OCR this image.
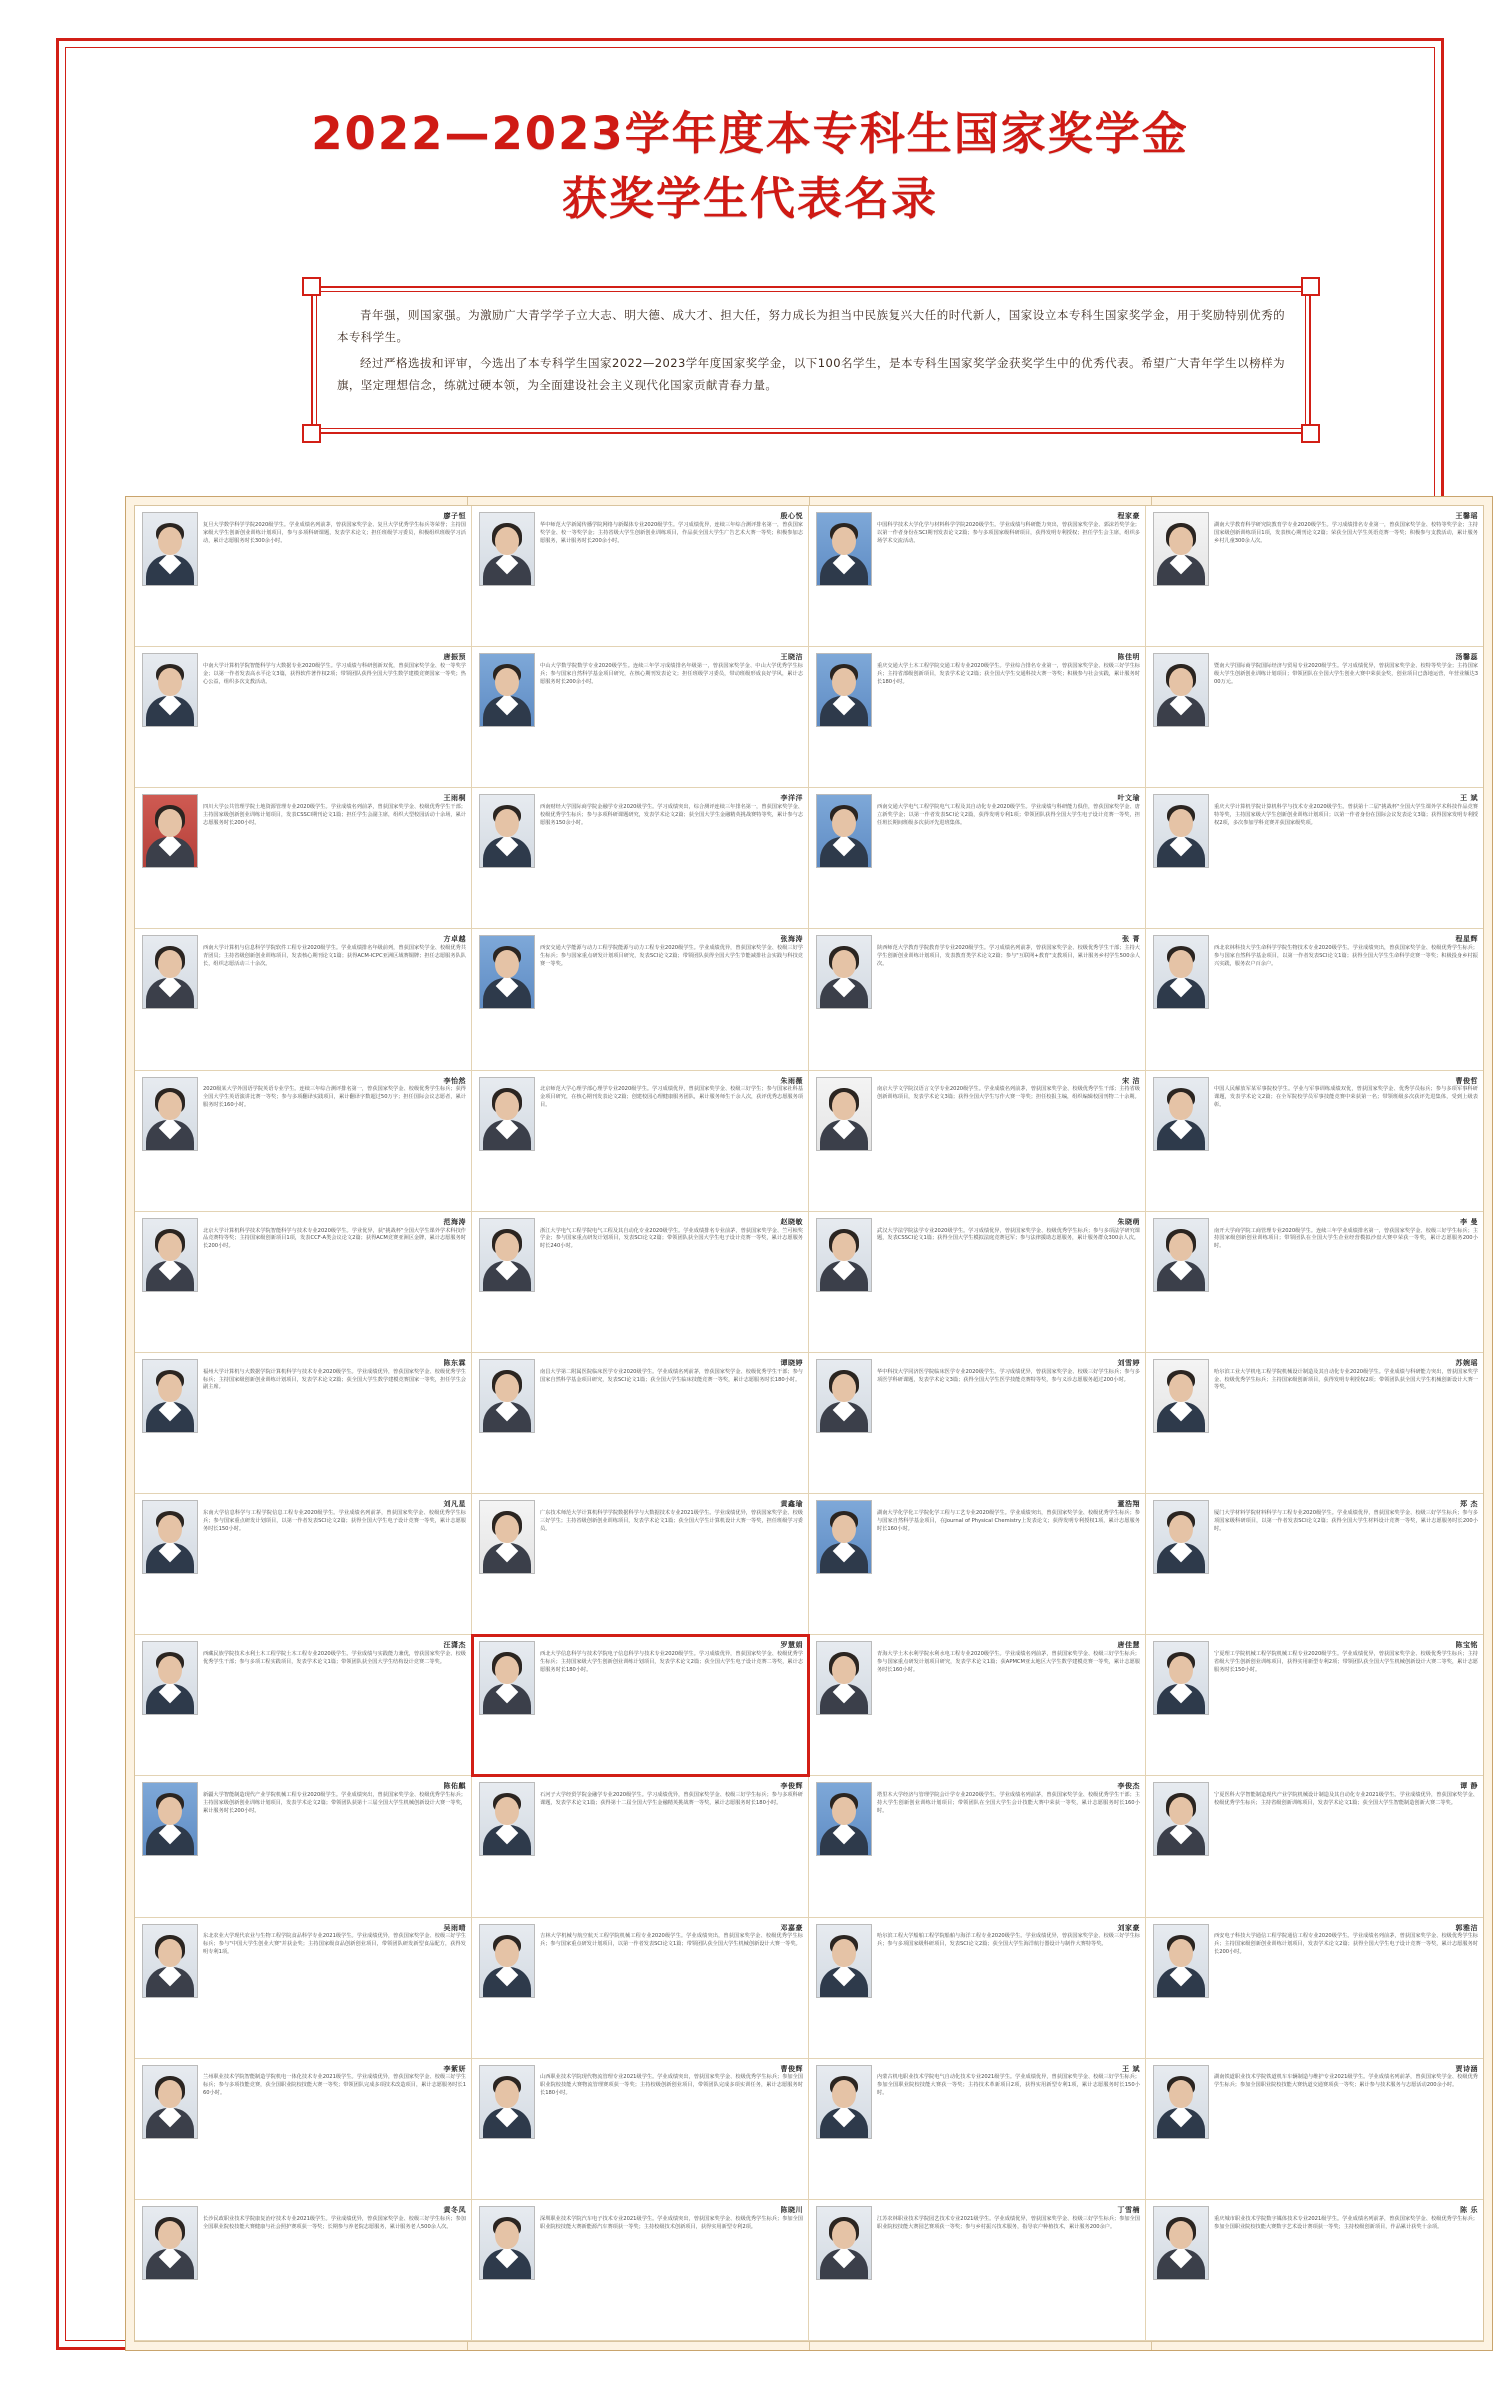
2022—2023学年度本专科生国家奖学金
获奖学生代表名录

青年强，则国家强。为激励广大青学学子立大志、明大德、成大才、担大任，努力成长为担当中民族复兴大任的时代新人，国家设立本专科生国家奖学金，用于奖励特别优秀的本专科学生。

经过严格选拔和评审，今选出了本专科学生国家2022—2023学年度国家奖学金，以下100名学生，是本专科生国家奖学金获奖学生中的优秀代表。希望广大青年学生以榜样为旗，坚定理想信念，练就过硬本领，为全面建设社会主义现代化国家贡献青春力量。

廖子恒
复旦大学数学科学学院2020级学生。学业成绩名列前茅，曾获国家奖学金、复旦大学优秀学生标兵等荣誉；主持国家级大学生创新创业训练计划项目，参与多项科研课题，发表学术论文；担任班级学习委员，积极组织班级学习活动，累计志愿服务时长300余小时。
殷心悦
华中师范大学新闻传播学院网络与新媒体专业2020级学生。学习成绩优异，连续三年综合测评排名第一，曾获国家奖学金、校一等奖学金；主持省级大学生创新创业训练项目，作品获全国大学生广告艺术大赛一等奖；积极参加志愿服务，累计服务时长200余小时。
程家豪
中国科学技术大学化学与材料科学学院2020级学生。学业成绩与科研能力突出，曾获国家奖学金、郭沫若奖学金；以第一作者身份在SCI期刊发表论文2篇；参与多项国家级科研项目，获得发明专利授权；担任学生会主席，组织多场学术交流活动。
王馨瑶
湖南大学教育科学研究院教育学专业2020级学生。学习成绩排名专业第一，曾获国家奖学金、校特等奖学金；主持国家级创新训练项目1项，发表核心期刊论文2篇；荣获全国大学生英语竞赛一等奖；积极参与支教活动，累计服务乡村儿童300余人次。
唐振预
中南大学计算机学院智能科学与大数据专业2020级学生。学习成绩与科研创新双优，曾获国家奖学金、校一等奖学金；以第一作者发表高水平论文3篇，获得软件著作权2项；带领团队获得全国大学生数学建模竞赛国家一等奖；热心公益，组织多次支教活动。
王晓洁
中山大学数学院数学专业2020级学生。连续三年学习成绩排名年级第一，曾获国家奖学金、中山大学优秀学生标兵；参与国家自然科学基金项目研究，在核心期刊发表论文；担任班级学习委员，带动班级形成良好学风，累计志愿服务时长200余小时。
陈佳明
重庆交通大学土木工程学院交通工程专业2020级学生。学业综合排名专业第一，曾获国家奖学金、校级三好学生标兵；主持省部级创新项目，发表学术论文2篇；获全国大学生交通科技大赛一等奖；积极参与社会实践，累计服务时长180小时。
汤馨蕊
暨南大学国际商学院国际经济与贸易专业2020级学生。学习成绩优异，曾获国家奖学金、校特等奖学金；主持国家级大学生创新创业训练计划项目；带领团队在全国大学生创业大赛中荣获金奖，创业项目已落地运营，年营业额达300万元。
王雨桐
四川大学公共管理学院土地资源管理专业2020级学生。学业成绩名列前茅，曾获国家奖学金、校级优秀学生干部；主持国家级创新创业训练计划项目，发表CSSCI期刊论文1篇；担任学生会副主席，组织大型校园活动十余场，累计志愿服务时长200小时。
李洋洋
西南财经大学国际商学院金融学专业2020级学生。学习成绩突出，综合测评连续三年排名第一，曾获国家奖学金、校级优秀学生标兵；参与多项科研课题研究，发表学术论文2篇；获全国大学生金融精英挑战赛特等奖，累计参与志愿服务150余小时。
叶文瑜
西南交通大学电气工程学院电气工程及其自动化专业2020级学生。学业成绩与科研能力俱佳，曾获国家奖学金、唐立新奖学金；以第一作者发表SCI论文2篇，获得发明专利1项；带领团队获得全国大学生电子设计竞赛一等奖，担任班长期间班级多次获评先进班集体。
王 斌
重庆大学计算机学院计算机科学与技术专业2020级学生。曾获第十二届"挑战杯"全国大学生课外学术科技作品竞赛特等奖，主持国家级大学生创新创业训练计划项目；以第一作者身份在国际会议发表论文3篇；获得国家发明专利授权2项，多次参加学科竞赛并获国家级奖项。
方卓越
西南大学计算机与信息科学学院软件工程专业2020级学生。学业成绩排名年级前列，曾获国家奖学金、校级优秀共青团员；主持省级创新创业训练项目，发表核心期刊论文1篇；获得ACM-ICPC亚洲区域赛铜牌；担任志愿服务队队长，组织志愿活动三十余次。
张海涛
西安交通大学能源与动力工程学院能源与动力工程专业2020级学生。学业成绩优异，曾获国家奖学金、校级三好学生标兵；参与国家重点研发计划项目研究，发表SCI论文2篇；带领团队获得全国大学生节能减排社会实践与科技竞赛一等奖。
张 菁
陕西师范大学教育学院教育学专业2020级学生。学习成绩名列前茅，曾获国家奖学金、校级优秀学生干部；主持大学生创新创业训练计划项目，发表教育类学术论文2篇；参与"互联网+教育"支教项目，累计服务乡村学生500余人次。
程星辉
西北农林科技大学生命科学学院生物技术专业2020级学生。学业成绩突出，曾获国家奖学金、校级优秀学生标兵；参与国家自然科学基金项目，以第一作者发表SCI论文1篇；获得全国大学生生命科学竞赛一等奖；积极投身乡村振兴实践，服务农户百余户。
李怡然
2020级某大学外国语学院英语专业学生。连续三年综合测评排名第一，曾获国家奖学金、校级优秀学生标兵；获得全国大学生英语演讲比赛一等奖；参与多项翻译实践项目，累计翻译字数超过50万字；担任国际会议志愿者，累计服务时长160小时。
朱雨薇
北京师范大学心理学部心理学专业2020级学生。学习成绩优异，曾获国家奖学金、校级三好学生；参与国家社科基金项目研究，在核心期刊发表论文2篇；创建校园心理健康服务团队，累计服务师生千余人次，获评优秀志愿服务项目。
宋 洁
南京大学文学院汉语言文学专业2020级学生。学业成绩名列前茅，曾获国家奖学金、校级优秀学生干部；主持省级创新训练项目，发表学术论文3篇；获得全国大学生写作大赛一等奖；担任校报主编，组织编辑校园刊物二十余期。
曹俊哲
中国人民解放军某军事院校学生。学业与军事训练成绩双优，曾获国家奖学金、优秀学员标兵；参与多项军事科研课题，发表学术论文2篇；在全军院校学员军事技能竞赛中荣获第一名；带领班级多次获评先进集体，受到上级表彰。
范海涛
北京大学计算机科学技术学院智能科学与技术专业2020级学生。学业优异，获"挑战杯"全国大学生课外学术科技作品竞赛特等奖；主持国家级创新项目1项，发表CCF-A类会议论文2篇；获得ACM竞赛亚洲区金牌，累计志愿服务时长200小时。
赵晓敏
浙江大学电气工程学院电气工程及其自动化专业2020级学生。学业成绩排名专业前茅，曾获国家奖学金、竺可桢奖学金；参与国家重点研发计划项目，发表SCI论文2篇；带领团队获全国大学生电子设计竞赛一等奖，累计志愿服务时长240小时。
朱晓萌
武汉大学法学院法学专业2020级学生。学习成绩优异，曾获国家奖学金、校级优秀学生标兵；参与多项法学研究课题，发表CSSCI论文1篇；获得全国大学生模拟法庭竞赛冠军；参与法律援助志愿服务，累计服务群众300余人次。
李 曼
南开大学商学院工商管理专业2020级学生。连续三年学业成绩排名第一，曾获国家奖学金、校级三好学生标兵；主持国家级创新创业训练项目；带领团队在全国大学生企业经营模拟沙盘大赛中荣获一等奖，累计志愿服务200小时。
陈东霖
福州大学计算机与大数据学院计算机科学与技术专业2020级学生。学业成绩优异，曾获国家奖学金、校级优秀学生标兵；主持国家级创新创业训练计划项目，发表学术论文2篇；获全国大学生数学建模竞赛国家一等奖，担任学生会副主席。
谭晓婷
南昌大学第二附属医院临床医学专业2020级学生。学业成绩名列前茅，曾获国家奖学金、校级优秀学生干部；参与国家自然科学基金项目研究，发表SCI论文1篇；获全国大学生临床技能竞赛一等奖，累计志愿服务时长180小时。
刘雪婷
华中科技大学同济医学院临床医学专业2020级学生。学习成绩优异，曾获国家奖学金、校级三好学生标兵；参与多项医学科研课题，发表学术论文3篇；获得全国大学生医学技能竞赛特等奖，参与义诊志愿服务超过200小时。
苏婉瑶
哈尔滨工业大学机电工程学院机械设计制造及其自动化专业2020级学生。学业成绩与科研能力突出，曾获国家奖学金、校级优秀学生标兵；主持国家级创新项目，获得发明专利授权2项；带领团队获全国大学生机械创新设计大赛一等奖。
刘凡星
东南大学信息科学与工程学院信息工程专业2020级学生。学业成绩名列前茅，曾获国家奖学金、校级优秀学生标兵；参与国家重点研发计划项目，以第一作者发表SCI论文2篇；获得全国大学生电子设计竞赛一等奖，累计志愿服务时长150小时。
黄鑫瑜
广东技术师范大学计算机科学学院数据科学与大数据技术专业2021级学生。学业成绩优异，曾获国家奖学金、校级三好学生；主持省级创新创业训练项目，发表学术论文1篇；获全国大学生计算机设计大赛一等奖，担任班级学习委员。
董浩翔
湖南大学化学化工学院化学工程与工艺专业2020级学生。学业成绩突出，曾获国家奖学金、校级优秀学生标兵；参与国家自然科学基金项目，在Journal of Physical Chemistry上发表论文；获得发明专利授权1项，累计志愿服务时长160小时。
郑 杰
厦门大学材料学院材料科学与工程专业2020级学生。学业成绩优异，曾获国家奖学金、校级三好学生标兵；参与多项国家级科研项目，以第一作者发表SCI论文2篇；获得全国大学生材料设计竞赛一等奖，累计志愿服务时长200小时。
汪潇杰
西藏民族学院技术水利土木工程学院土木工程专业2020级学生。学业成绩与实践能力兼优，曾获国家奖学金、校级优秀学生干部；参与多项工程实践项目，发表学术论文1篇；带领团队获全国大学生结构设计竞赛二等奖。
罗慧娟
西北大学信息科学与技术学院电子信息科学与技术专业2020级学生。学习成绩优异，曾获国家奖学金、校级优秀学生标兵；主持国家级大学生创新创业训练计划项目，发表学术论文2篇；获全国大学生电子设计竞赛二等奖，累计志愿服务时长180小时。
唐佳慧
青海大学土木水利学院水利水电工程专业2020级学生。学业成绩名列前茅，曾获国家奖学金、校级三好学生标兵；参与国家重点研发计划项目研究，发表学术论文1篇；获APMCM亚太地区大学生数学建模竞赛一等奖，累计志愿服务时长160小时。
陈宝铭
宁夏理工学院机械工程学院机械工程专业2020级学生。学业成绩优异，曾获国家奖学金、校级优秀学生标兵；主持省级大学生创新创业训练项目，获得实用新型专利2项；带领团队获全国大学生机械创新设计大赛二等奖，累计志愿服务时长150小时。
陈佑麒
新疆大学智能制造现代产业学院机械工程专业2020级学生。学业成绩突出，曾获国家奖学金、校级优秀学生标兵；主持国家级创新创业训练计划项目，发表学术论文2篇；带领团队获第十三届全国大学生机械创新设计大赛一等奖，累计服务时长200小时。
李俊辉
石河子大学经贸学院金融学专业2020级学生。学习成绩优异，曾获国家奖学金、校级三好学生标兵；参与多项科研课题，发表学术论文1篇；获得第十二届全国大学生金融精英挑战赛一等奖，累计志愿服务时长180小时。
李俊杰
塔里木大学经济与管理学院会计学专业2020级学生。学业成绩名列前茅，曾获国家奖学金、校级优秀学生干部；主持大学生创新创业训练计划项目；带领团队在全国大学生会计技能大赛中荣获一等奖，累计志愿服务时长160小时。
谭 静
宁夏医科大学智能制造现代产业学院机械设计制造及其自动化专业2021级学生。学业成绩优异，曾获国家奖学金、校级优秀学生标兵；主持省级创新训练项目，发表学术论文1篇；获全国大学生智能制造创新大赛二等奖。
吴雨晴
东北农业大学现代农业与生物工程学院食品科学专业2021级学生。学业成绩优异，曾获国家奖学金、校级三好学生标兵；参与"中国大学生创业大赛"并获金奖；主持国家级食品创新创业项目，带领团队研发新型食品配方，获得发明专利1项。
邓嘉豪
吉林大学机械与航空航天工程学院机械工程专业2020级学生。学业成绩突出，曾获国家奖学金、校级优秀学生标兵；参与国家重点研发计划项目，以第一作者发表SCI论文1篇；带领团队获全国大学生机械创新设计大赛一等奖。
刘家豪
哈尔滨工程大学船舶工程学院船舶与海洋工程专业2020级学生。学业成绩优异，曾获国家奖学金、校级三好学生标兵；参与多项国家级科研项目，发表SCI论文2篇；获全国大学生海洋航行器设计与制作大赛特等奖。
郭雅洁
西安电子科技大学通信工程学院通信工程专业2020级学生。学业成绩名列前茅，曾获国家奖学金、校级优秀学生标兵；主持国家级创新创业训练计划项目，发表学术论文2篇；获得全国大学生电子设计竞赛一等奖，累计志愿服务时长200小时。
李紫妍
兰州职业技术学院智能制造学院机电一体化技术专业2021级学生。学业成绩优异，曾获国家奖学金、校级三好学生标兵；参与多项技能竞赛，获全国职业院校技能大赛一等奖；带领团队完成多项技术改造项目，累计志愿服务时长160小时。
曹俊辉
山西职业技术学院现代物流管理专业2021级学生。学业成绩突出，曾获国家奖学金、校级优秀学生标兵；参加全国职业院校技能大赛物流管理赛项获一等奖；主持校级创新创业项目，带领团队完成多项实训任务，累计志愿服务时长180小时。
王 斌
内蒙古机电职业技术学院电气自动化技术专业2021级学生。学业成绩优异，曾获国家奖学金、校级三好学生标兵；参加全国职业院校技能大赛获一等奖；主持技术革新项目2项，获得实用新型专利1项，累计志愿服务时长150小时。
贾诗涵
湖南铁道职业技术学院铁道机车车辆制造与维护专业2021级学生。学业成绩名列前茅，曾获国家奖学金、校级优秀学生标兵；参加全国职业院校技能大赛轨道交通赛项获一等奖；累计参与技术服务与志愿活动200余小时。
黄冬凤
长沙民政职业技术学院康复治疗技术专业2021级学生。学业成绩优异，曾获国家奖学金、校级三好学生标兵；参加全国职业院校技能大赛健康与社会照护赛项获一等奖；长期参与养老院志愿服务，累计服务老人500余人次。
陈晓川
深圳职业技术学院汽车电子技术专业2021级学生。学业成绩突出，曾获国家奖学金、校级优秀学生标兵；参加全国职业院校技能大赛新能源汽车赛项获一等奖；主持校级技术创新项目，获得实用新型专利2项。
丁雪楠
江苏农林职业技术学院园艺技术专业2021级学生。学业成绩优异，曾获国家奖学金、校级三好学生标兵；参加全国职业院校技能大赛园艺赛项获一等奖；参与乡村振兴技术服务，指导农户种植技术，累计服务200余户。
陈 乐
重庆城市职业技术学院数字媒体技术专业2021级学生。学业成绩名列前茅，曾获国家奖学金、校级优秀学生标兵；参加全国职业院校技能大赛数字艺术设计赛项获一等奖；主持校级创新项目，作品累计获奖十余项。
